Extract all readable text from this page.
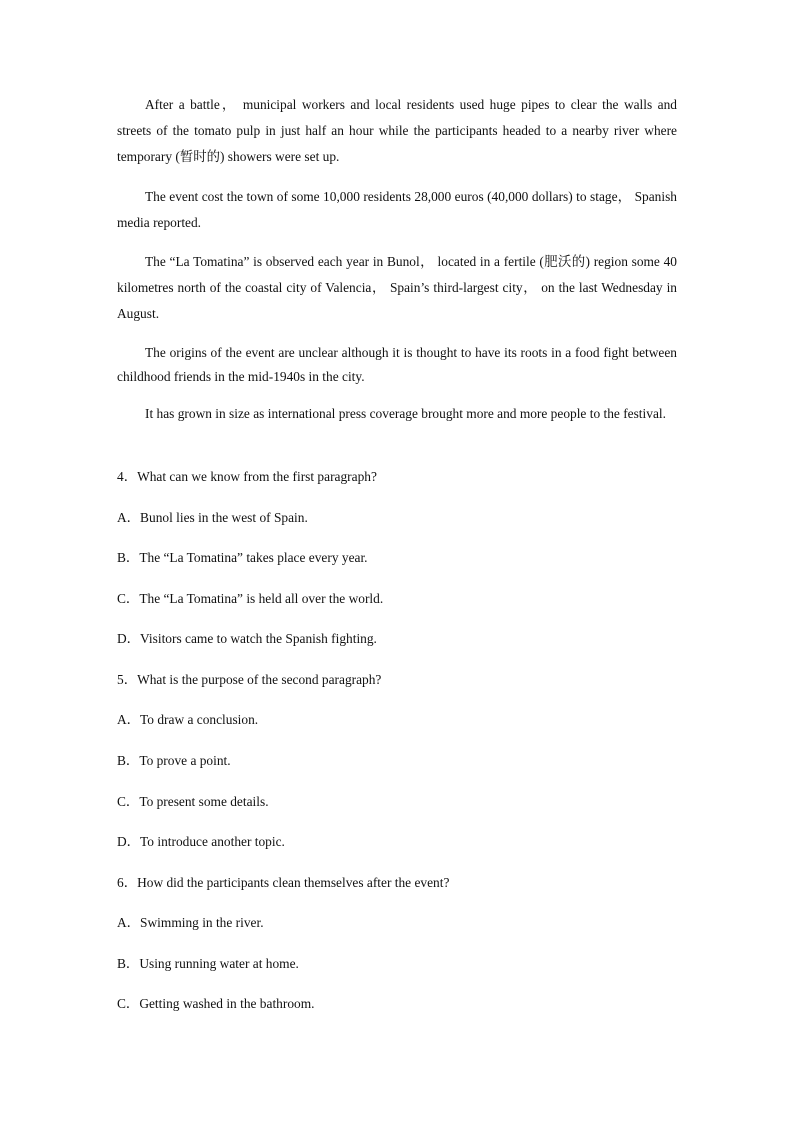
After a battle， municipal workers and local residents used huge pipes to clear the walls and streets of the tomato pulp in just half an hour while the participants headed to a nearby river where temporary (暂时的) showers were set up.

The event cost the town of some 10,000 residents 28,000 euros (40,000 dollars) to stage， Spanish media reported.

The “La Tomatina” is observed each year in Bunol， located in a fertile (肥沃的) region some 40 kilometres north of the coastal city of Valencia， Spain’s third-largest city， on the last Wednesday in August.

The origins of the event are unclear although it is thought to have its roots in a food fight between childhood friends in the mid-1940s in the city.

It has grown in size as international press coverage brought more and more people to the festival.

4．What can we know from the first paragraph?

A．Bunol lies in the west of Spain.

B．The “La Tomatina” takes place every year.

C．The “La Tomatina” is held all over the world.

D．Visitors came to watch the Spanish fighting.

5．What is the purpose of the second paragraph?

A．To draw a conclusion.

B．To prove a point.

C．To present some details.

D．To introduce another topic.

6．How did the participants clean themselves after the event?

A．Swimming in the river.

B．Using running water at home.

C．Getting washed in the bathroom.
